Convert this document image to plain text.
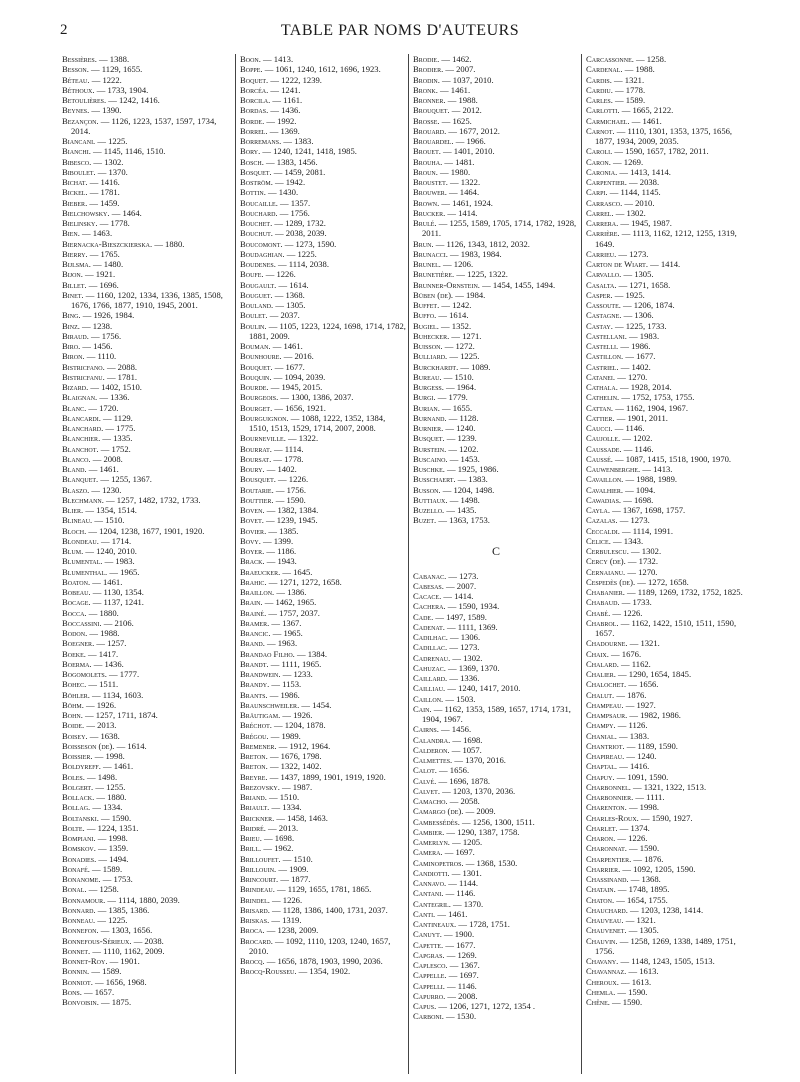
2	TABLE PAR NOMS D'AUTEURS

Bessières. — 1388.

Besson. — 1129, 1655.

Béteau. — 1222.

Béthoux. — 1733, 1904.

Betoulières. — 1242, 1416.

Beynes. — 1390.

Bezançon. — 1126, 1223, 1537, 1597, 1734, 2014.

Biancani. — 1225.

Bianchi. — 1145, 1146, 1510.

Bibesco. — 1302.

Biboulet. — 1370.

Bichat. — 1416.

Bickel. — 1781.

Bieber. — 1459.

Bielchowsky. — 1464.

Bielinsky. — 1778.

Bien. — 1463.

Biernacka-Bieszckierska. — 1880.

Bierry. — 1765.

Bijlsma. — 1480.

Bijon. — 1921.

Billet. — 1696.

Binet. — 1160, 1202, 1334, 1336, 1385, 1508, 1676, 1766, 1877, 1910, 1945, 2001.

Bing. — 1926, 1984.

Binz. — 1238.

Biraud. — 1756.

Biro. — 1456.

Biron. — 1110.

Bistricfano. — 2088.

Bistricfanu. — 1781.

Bizard. — 1402, 1510.

Blaignan. — 1336.

Blanc. — 1720.

Blancardi. — 1129.

Blanchard. — 1775.

Blanchier. — 1335.

Blanchot. — 1752.

Blanco. — 2008.

Bland. — 1461.

Blanquet. — 1255, 1367.

Blaszo. — 1230.

Blechmann. — 1257, 1482, 1732, 1733.

Blier. — 1354, 1514.

Blineau. — 1510.

Bloch. — 1204, 1238, 1677, 1901, 1920.

Blondeau. — 1714.

Blum. — 1240, 2010.

Blumental. — 1983.

Blumenthal. — 1965.

Boaton. — 1461.

Bobeau. — 1130, 1354.

Bocage. — 1137, 1241.

Bocca. — 1880.

Boccassini. — 2106.

Bodon. — 1988.

Boegner. — 1257.

Boeke. — 1417.

Boerma. — 1436.

Bogomolets. — 1777.

Bohec. — 1511.

Böhler. — 1134, 1603.

Böhm. — 1926.

Bohn. — 1257, 1711, 1874.

Boide. — 2013.

Boisey. — 1638.

Boisseson (de). — 1614.

Boissier. — 1998.

Boldyreff. — 1461.

Boles. — 1498.

Bolgert. — 1255.

Bollack. — 1880.

Bollag. — 1334.

Boltanski. — 1590.

Bolte. — 1224, 1351.

Bompiani. — 1998.

Bomskov. — 1359.

Bonadies. — 1494.

Bonafé. — 1589.

Bonanome. — 1753.

Bonal. — 1258.

Bonnamour. — 1114, 1880, 2039.

Bonnard. — 1385, 1386.

Bonneau. — 1225.

Bonnefon. — 1303, 1656.

Bonnefous-Sérieux. — 2038.

Bonnet. — 1110, 1162, 2009.

Bonnet-Roy. — 1901.

Bonnin. — 1589.

Bonniot. — 1656, 1968.

Bons. — 1657.

Bonvoisin. — 1875.

Boon. — 1413.

Boppe. — 1061, 1240, 1612, 1696, 1923.

Boquet. — 1222, 1239.

Borcéa. — 1241.

Borcila. — 1161.

Bordas. — 1436.

Borde. — 1992.

Borrel. — 1369.

Borremans. — 1383.

Bory. — 1240, 1241, 1418, 1985.

Bosch. — 1383, 1456.

Bosquet. — 1459, 2081.

Boström. — 1942.

Bottin. — 1430.

Boucaille. — 1357.

Bouchard. — 1756.

Bouchet. — 1289, 1732.

Bouchut. — 2038, 2039.

Boucomont. — 1273, 1590.

Boudaghian. — 1225.

Boudenes. — 1114, 2038.

Boufe. — 1226.

Bougault. — 1614.

Bouguet. — 1368.

Bouland. — 1305.

Boulet. — 2037.

Boulin. — 1105, 1223, 1224, 1698, 1714, 1782, 1881, 2009.

Bouman. — 1461.

Bounhoure. — 2016.

Bouquet. — 1677.

Bouquin. — 1094, 2039.

Bourde. — 1945, 2015.

Bourgeois. — 1300, 1386, 2037.

Bourget. — 1656, 1921.

Bourguignon. — 1088, 1222, 1352, 1384, 1510, 1513, 1529, 1714, 2007, 2008.

Bourneville. — 1322.

Bourrat. — 1114.

Boursat. — 1778.

Boury. — 1402.

Bousquet. — 1226.

Boutarie. — 1756.

Bouttier. — 1590.

Boven. — 1382, 1384.

Bovet. — 1239, 1945.

Bovier. — 1385.

Bovy. — 1399.

Boyer. — 1186.

Brack. — 1943.

Braeucker. — 1645.

Brahic. — 1271, 1272, 1658.

Braillon. — 1386.

Brain. — 1462, 1965.

Brainé. — 1757, 2037.

Bramer. — 1367.

Brancic. — 1965.

Brand. — 1963.

Brandao Filho. — 1384.

Brandt. — 1111, 1965.

Brandwein. — 1233.

Brandy. — 1153.

Brants. — 1986.

Braunschweiler. — 1454.

Bräutigam. — 1926.

Bréchot. — 1204, 1878.

Brégou. — 1989.

Bremener. — 1912, 1964.

Breton. — 1676, 1798.

Breton. — 1322, 1402.

Breyre. — 1437, 1899, 1901, 1919, 1920.

Brezovsky. — 1987.

Briand. — 1510.

Briault. — 1334.

Brickner. — 1458, 1463.

Bridré. — 2013.

Brieu. — 1698.

Brill. — 1962.

Brilloufet. — 1510.

Brillouin. — 1909.

Brincourt. — 1877.

Brindeau. — 1129, 1655, 1781, 1865.

Brindel. — 1226.

Brisard. — 1128, 1386, 1400, 1731, 2037.

Briskas. — 1319.

Broca. — 1238, 2009.

Brocard. — 1092, 1110, 1203, 1240, 1657, 2010.

Brocq. — 1656, 1878, 1903, 1990, 2036.

Brocq-Rousseu. — 1354, 1902.

Brodie. — 1462.

Brodier. — 2007.

Brodin. — 1037, 2010.

Bronk. — 1461.

Bronner. — 1988.

Brouquet. — 2012.

Brosse. — 1625.

Brouard. — 1677, 2012.

Brouardel. — 1966.

Brouet. — 1401, 2010.

Brouha. — 1481.

Broun. — 1980.

Broustet. — 1322.

Brouwer. — 1464.

Brown. — 1461, 1924.

Brucker. — 1414.

Brulé. — 1255, 1589, 1705, 1714, 1782, 1928, 2011.

Brun. — 1126, 1343, 1812, 2032.

Brunacci. — 1983, 1984.

Brunel. — 1206.

Brunetière. — 1225, 1322.

Brunner-Ornstein. — 1454, 1455, 1494.

Büben (de). — 1984.

Buffet. — 1242.

Buffo. — 1614.

Bugiel. — 1352.

Buhecker. — 1271.

Buisson. — 1272.

Bulliard. — 1225.

Burckhardt. — 1089.

Bureau. — 1510.

Burgess. — 1964.

Burgi. — 1779.

Burian. — 1655.

Burnand. — 1128.

Burnier. — 1240.

Busquet. — 1239.

Burstein. — 1202.

Buscaino. — 1453.

Buschke. — 1925, 1986.

Busschaert. — 1383.

Busson. — 1204, 1498.

Buttiaux. — 1498.

Buzello. — 1435.

Buzet. — 1363, 1753.

C

Cabanac. — 1273.

Cabesas. — 2007.

Cacace. — 1414.

Cachera. — 1590, 1934.

Cade. — 1497, 1589.

Cadenat. — 1111, 1369.

Cadilhac. — 1306.

Cadillac. — 1273.

Cadrenau. — 1302.

Cahuzac. — 1369, 1370.

Caillard. — 1336.

Cailliau. — 1240, 1417, 2010.

Caillon. — 1503.

Cain. — 1162, 1353, 1589, 1657, 1714, 1731, 1904, 1967.

Cairns. — 1456.

Calandra. — 1698.

Calderon. — 1057.

Calmettes. — 1370, 2016.

Calot. — 1656.

Calvé. — 1696, 1878.

Calvet. — 1203, 1370, 2036.

Camacho. — 2058.

Camargo (de). — 2009.

Cambessédès. — 1256, 1300, 1511.

Cambier. — 1290, 1387, 1758.

Camerlyn. — 1205.

Camera. — 1697.

Caminopetros. — 1368, 1530.

Candiotti. — 1301.

Cannavo. — 1144.

Cantani. — 1146.

Cantegril. — 1370.

Canti. — 1461.

Cantineaux. — 1728, 1751.

Canuyt. — 1900.

Capette. — 1677.

Capgras. — 1269.

Caplesco. — 1367.

Cappelle. — 1697.

Cappelli. — 1146.

Capurro. — 2008.

Capus. — 1206, 1271, 1272, 1354 .

Carboni. — 1530.

Carcassonne. — 1258.

Cardenal. — 1988.

Cardis. — 1321.

Cardiu. — 1778.

Carles. — 1589.

Carlotti. — 1665, 2122.

Carmichael. — 1461.

Carnot. — 1110, 1301, 1353, 1375, 1656, 1877, 1934, 2009, 2035.

Caroli. — 1590, 1657, 1782, 2011.

Caron. — 1269.

Caronia. — 1413, 1414.

Carpentier. — 2038.

Carpi. — 1144, 1145.

Carrasco. — 2010.

Carrel. — 1302.

Carrera. — 1945, 1987.

Carrière. — 1113, 1162, 1212, 1255, 1319, 1649.

Carrieu. — 1273.

Carton de Wiart. — 1414.

Carvallo. — 1305.

Casalta. — 1271, 1658.

Casper. — 1925.

Cassoute. — 1206, 1874.

Castagne. — 1306.

Castay. — 1225, 1733.

Castellani. — 1983.

Castelli. — 1986.

Castillon. — 1677.

Castriel. — 1402.

Catanei. — 1270.

Cathala. — 1928, 2014.

Cathelin. — 1752, 1753, 1755.

Cattan. — 1162, 1904, 1967.

Cattier. — 1901, 2011.

Caucci. — 1146.

Caujolle. — 1202.

Caussade. — 1146.

Caussé. — 1087, 1415, 1518, 1900, 1970.

Cauwenberghe. — 1413.

Cavaillon. — 1988, 1989.

Cavalhier. — 1094.

Cawadias. — 1698.

Cayla. — 1367, 1698, 1757.

Cazalas. — 1273.

Ceccaldi. — 1114, 1991.

Celice. — 1343.

Cerbulescu. — 1302.

Cercy (de). — 1732.

Cernaianu. — 1270.

Cespedès (de). — 1272, 1658.

Chabanier. — 1189, 1269, 1732, 1752, 1825.

Chabaud. — 1733.

Chabé. — 1226.

Chabrol. — 1162, 1422, 1510, 1511, 1590, 1657.

Chadourne. — 1321.

Chaix. — 1676.

Chalard. — 1162.

Chalier. — 1290, 1654, 1845.

Chalochet. — 1656.

Chalut. — 1876.

Champeau. — 1927.

Champsaur. — 1982, 1986.

Champy. — 1126.

Chanial. — 1383.

Chantriot. — 1189, 1590.

Chapireau. — 1240.

Chaptal. — 1416.

Chapuy. — 1091, 1590.

Charbonnel. — 1321, 1322, 1513.

Charbonnier. — 1111.

Charenton. — 1998.

Charles-Roux. — 1590, 1927.

Charlet. — 1374.

Charon. — 1226.

Charonnat. — 1590.

Charpentier. — 1876.

Charrier. — 1092, 1205, 1590.

Chassinand. — 1368.

Chatain. — 1748, 1895.

Chaton. — 1654, 1755.

Chauchard. — 1203, 1238, 1414.

Chauveau. — 1321.

Chauvenet. — 1305.

Chauvin. — 1258, 1269, 1338, 1489, 1751, 1756.

Chavany. — 1148, 1243, 1505, 1513.

Chavannaz. — 1613.

Cheroux. — 1613.

Chemla. — 1590.

Chêne. — 1590.
